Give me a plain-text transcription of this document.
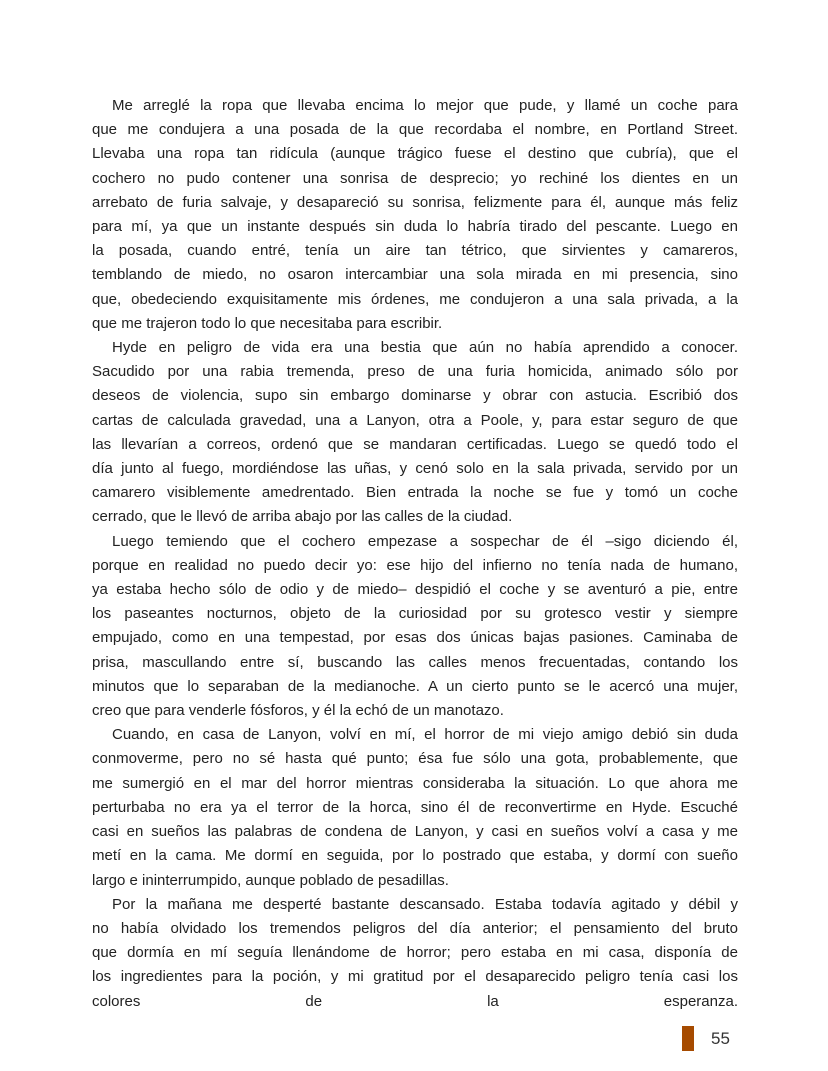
Me arreglé la ropa que llevaba encima lo mejor que pude, y llamé un coche para
que me condujera a una posada de la que recordaba el nombre, en Portland Street.
Llevaba una ropa tan ridícula (aunque trágico fuese el destino que cubría), que el
cochero no pudo contener una sonrisa de desprecio; yo rechiné los dientes en un
arrebato de furia salvaje, y desapareció su sonrisa, felizmente para él, aunque más feliz
para mí, ya que un instante después sin duda lo habría tirado del pescante. Luego en
la posada, cuando entré, tenía un aire tan tétrico, que sirvientes y camareros,
temblando de miedo, no osaron intercambiar una sola mirada en mi presencia, sino
que, obedeciendo exquisitamente mis órdenes, me condujeron a una sala privada, a la
que me trajeron todo lo que necesitaba para escribir.
Hyde en peligro de vida era una bestia que aún no había aprendido a conocer.
Sacudido por una rabia tremenda, preso de una furia homicida, animado sólo por
deseos de violencia, supo sin embargo dominarse y obrar con astucia. Escribió dos
cartas de calculada gravedad, una a Lanyon, otra a Poole, y, para estar seguro de que
las llevarían a correos, ordenó que se mandaran certificadas. Luego se quedó todo el
día junto al fuego, mordiéndose las uñas, y cenó solo en la sala privada, servido por un
camarero visiblemente amedrentado. Bien entrada la noche se fue y tomó un coche
cerrado, que le llevó de arriba abajo por las calles de la ciudad.
Luego temiendo que el cochero empezase a sospechar de él –sigo diciendo él,
porque en realidad no puedo decir yo: ese hijo del infierno no tenía nada de humano,
ya estaba hecho sólo de odio y de miedo– despidió el coche y se aventuró a pie, entre
los paseantes nocturnos, objeto de la curiosidad por su grotesco vestir y siempre
empujado, como en una tempestad, por esas dos únicas bajas pasiones. Caminaba de
prisa, mascullando entre sí, buscando las calles menos frecuentadas, contando los
minutos que lo separaban de la medianoche. A un cierto punto se le acercó una mujer,
creo que para venderle fósforos, y él la echó de un manotazo.
Cuando, en casa de Lanyon, volví en mí, el horror de mi viejo amigo debió sin duda
conmoverme, pero no sé hasta qué punto; ésa fue sólo una gota, probablemente, que
me sumergió en el mar del horror mientras consideraba la situación. Lo que ahora me
perturbaba no era ya el terror de la horca, sino él de reconvertirme en Hyde. Escuché
casi en sueños las palabras de condena de Lanyon, y casi en sueños volví a casa y me
metí en la cama. Me dormí en seguida, por lo postrado que estaba, y dormí con sueño
largo e ininterrumpido, aunque poblado de pesadillas.
Por la mañana me desperté bastante descansado. Estaba todavía agitado y débil y
no había olvidado los tremendos peligros del día anterior; el pensamiento del bruto
que dormía en mí seguía llenándome de horror; pero estaba en mi casa, disponía de
los ingredientes para la poción, y mi gratitud por el desaparecido peligro tenía casi los
colores de la esperanza.
55
